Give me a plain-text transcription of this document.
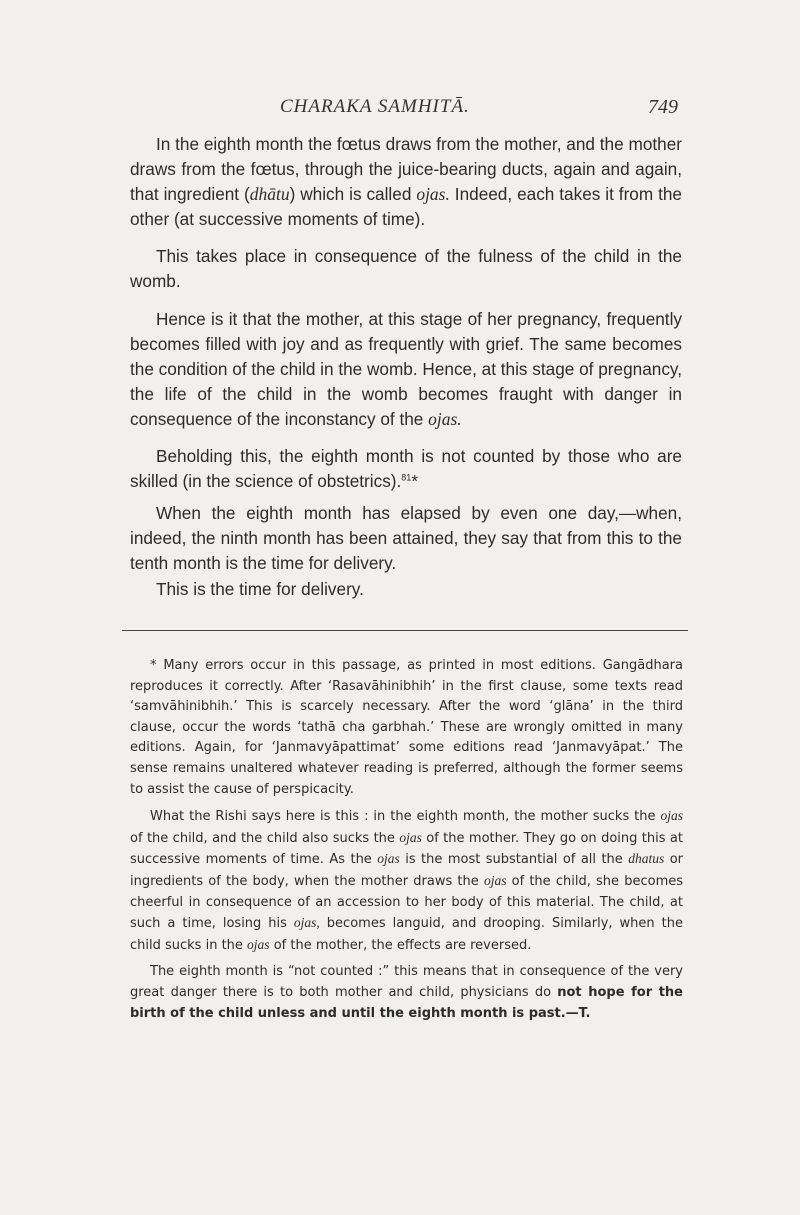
CHARAKA SAMHITĀ.	749

In the eighth month the fœtus draws from the mother, and the mother draws from the fœtus, through the juice-bearing ducts, again and again, that ingredient (dhātu) which is called ojas. Indeed, each takes it from the other (at successive moments of time).

This takes place in consequence of the fulness of the child in the womb.

Hence is it that the mother, at this stage of her pregnancy, frequently becomes filled with joy and as frequently with grief. The same becomes the condition of the child in the womb. Hence, at this stage of pregnancy, the life of the child in the womb becomes fraught with danger in consequence of the inconstancy of the ojas.

Beholding this, the eighth month is not counted by those who are skilled (in the science of obstetrics).$^{81}$*

When the eighth month has elapsed by even one day,—when, indeed, the ninth month has been attained, they say that from this to the tenth month is the time for delivery.

This is the time for delivery.

* Many errors occur in this passage, as printed in most editions. Gangādhara reproduces it correctly. After ‘Rasavāhinibhih’ in the first clause, some texts read ‘samvāhinibhih.’ This is scarcely necessary. After the word ‘glāna’ in the third clause, occur the words ‘tathā cha garbhah.’ These are wrongly omitted in many editions. Again, for ‘Janmavyāpattimat’ some editions read ‘Janmavyāpat.’ The sense remains unaltered whatever reading is preferred, although the former seems to assist the cause of perspicacity.

What the Rishi says here is this : in the eighth month, the mother sucks the ojas of the child, and the child also sucks the ojas of the mother. They go on doing this at successive moments of time. As the ojas is the most substantial of all the dhatus or ingredients of the body, when the mother draws the ojas of the child, she becomes cheerful in consequence of an accession to her body of this material. The child, at such a time, losing his ojas, becomes languid, and drooping. Similarly, when the child sucks in the ojas of the mother, the effects are reversed.

The eighth month is “not counted :” this means that in consequence of the very great danger there is to both mother and child, physicians do not hope for the birth of the child unless and until the eighth month is past.—T.
